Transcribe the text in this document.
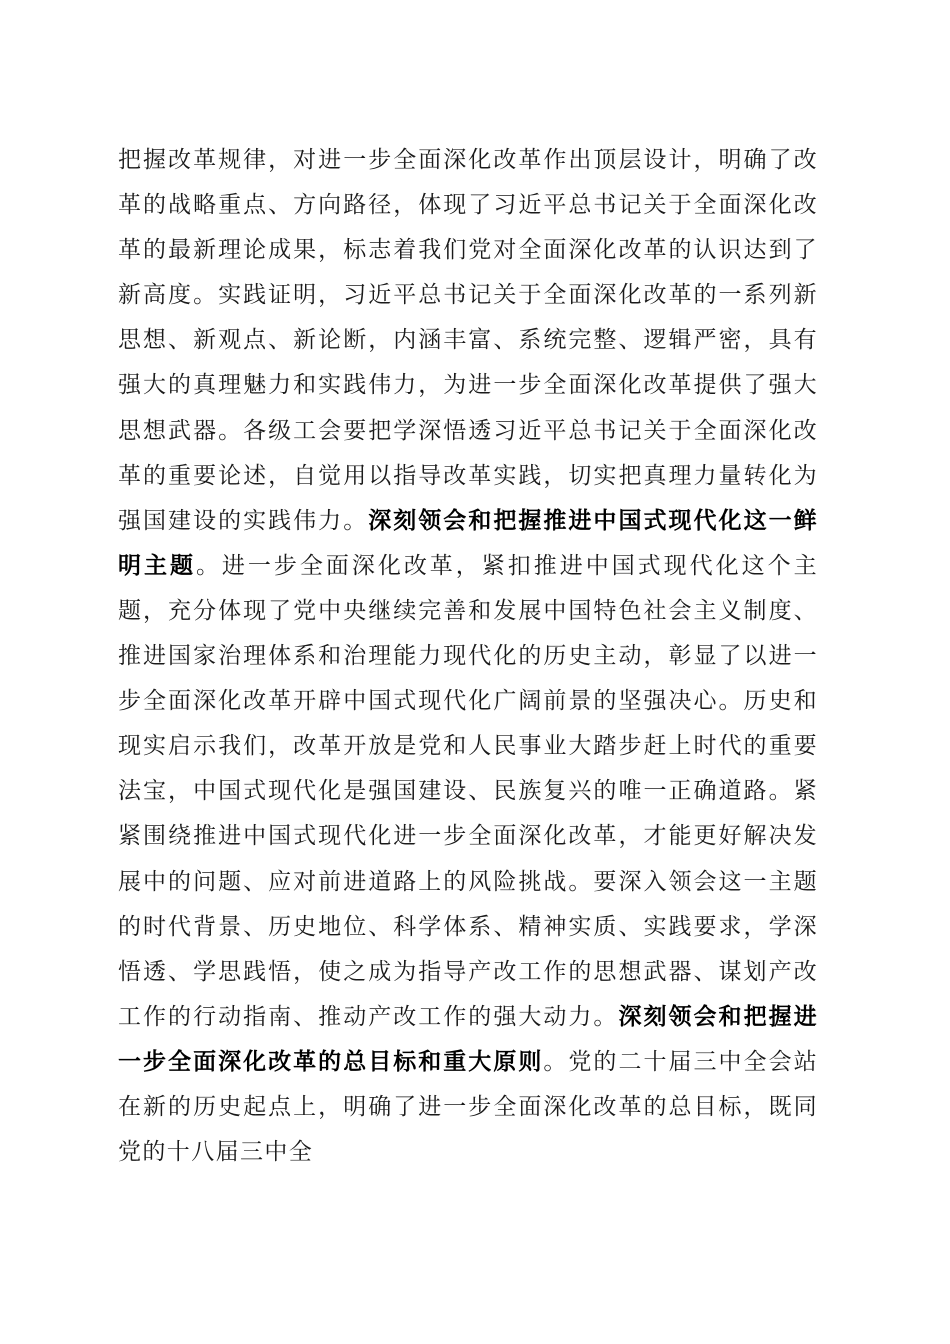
把握改革规律，对进一步全面深化改革作出顶层设计，明确了改革的战略重点、方向路径，体现了习近平总书记关于全面深化改革的最新理论成果，标志着我们党对全面深化改革的认识达到了新高度。实践证明，习近平总书记关于全面深化改革的一系列新思想、新观点、新论断，内涵丰富、系统完整、逻辑严密，具有强大的真理魅力和实践伟力，为进一步全面深化改革提供了强大思想武器。各级工会要把学深悟透习近平总书记关于全面深化改革的重要论述，自觉用以指导改革实践，切实把真理力量转化为强国建设的实践伟力。深刻领会和把握推进中国式现代化这一鲜明主题。进一步全面深化改革，紧扣推进中国式现代化这个主题，充分体现了党中央继续完善和发展中国特色社会主义制度、推进国家治理体系和治理能力现代化的历史主动，彰显了以进一步全面深化改革开辟中国式现代化广阔前景的坚强决心。历史和现实启示我们，改革开放是党和人民事业大踏步赶上时代的重要法宝，中国式现代化是强国建设、民族复兴的唯一正确道路。紧紧围绕推进中国式现代化进一步全面深化改革，才能更好解决发展中的问题、应对前进道路上的风险挑战。要深入领会这一主题的时代背景、历史地位、科学体系、精神实质、实践要求，学深悟透、学思践悟，使之成为指导产改工作的思想武器、谋划产改工作的行动指南、推动产改工作的强大动力。深刻领会和把握进一步全面深化改革的总目标和重大原则。党的二十届三中全会站在新的历史起点上，明确了进一步全面深化改革的总目标，既同党的十八届三中全
